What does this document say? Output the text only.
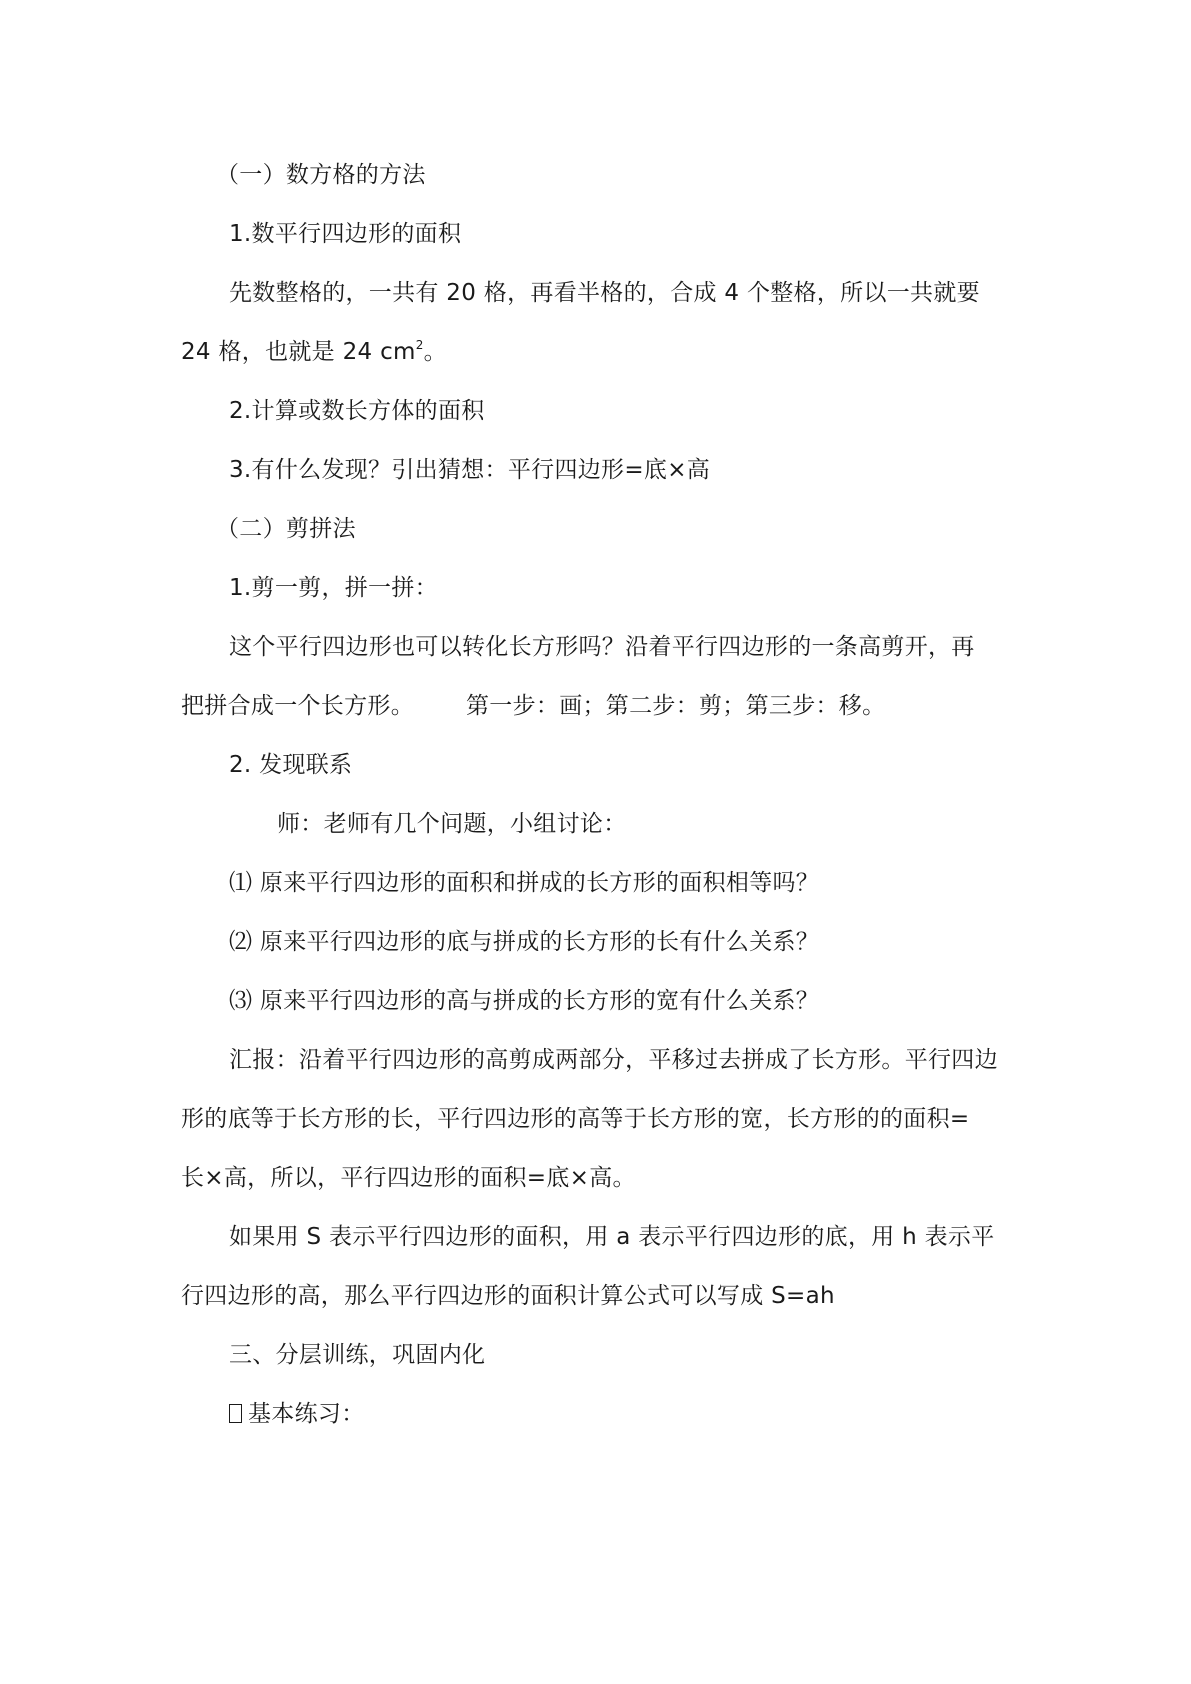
（一）数方格的方法
1.数平行四边形的面积
先数整格的，一共有 20 格，再看半格的，合成 4 个整格，所以一共就要
24 格，也就是 24 $cm^2$。
2.计算或数长方体的面积
3.有什么发现？引出猜想：平行四边形=底×高
（二）剪拼法
1.剪一剪，拼一拼：
这个平行四边形也可以转化长方形吗？沿着平行四边形的一条高剪开，再
把拼合成一个长方形。 第一步：画；第二步：剪；第三步：移。
2. 发现联系
师：老师有几个问题，小组讨论：
⑴ 原来平行四边形的面积和拼成的长方形的面积相等吗？
⑵ 原来平行四边形的底与拼成的长方形的长有什么关系？
⑶ 原来平行四边形的高与拼成的长方形的宽有什么关系？
汇报：沿着平行四边形的高剪成两部分，平移过去拼成了长方形。平行四边
形的底等于长方形的长，平行四边形的高等于长方形的宽，长方形的的面积=
长×高，所以，平行四边形的面积=底×高。
如果用 S 表示平行四边形的面积，用 a 表示平行四边形的底，用 h 表示平
行四边形的高，那么平行四边形的面积计算公式可以写成 S=ah
三、分层训练，巩固内化
基本练习：
